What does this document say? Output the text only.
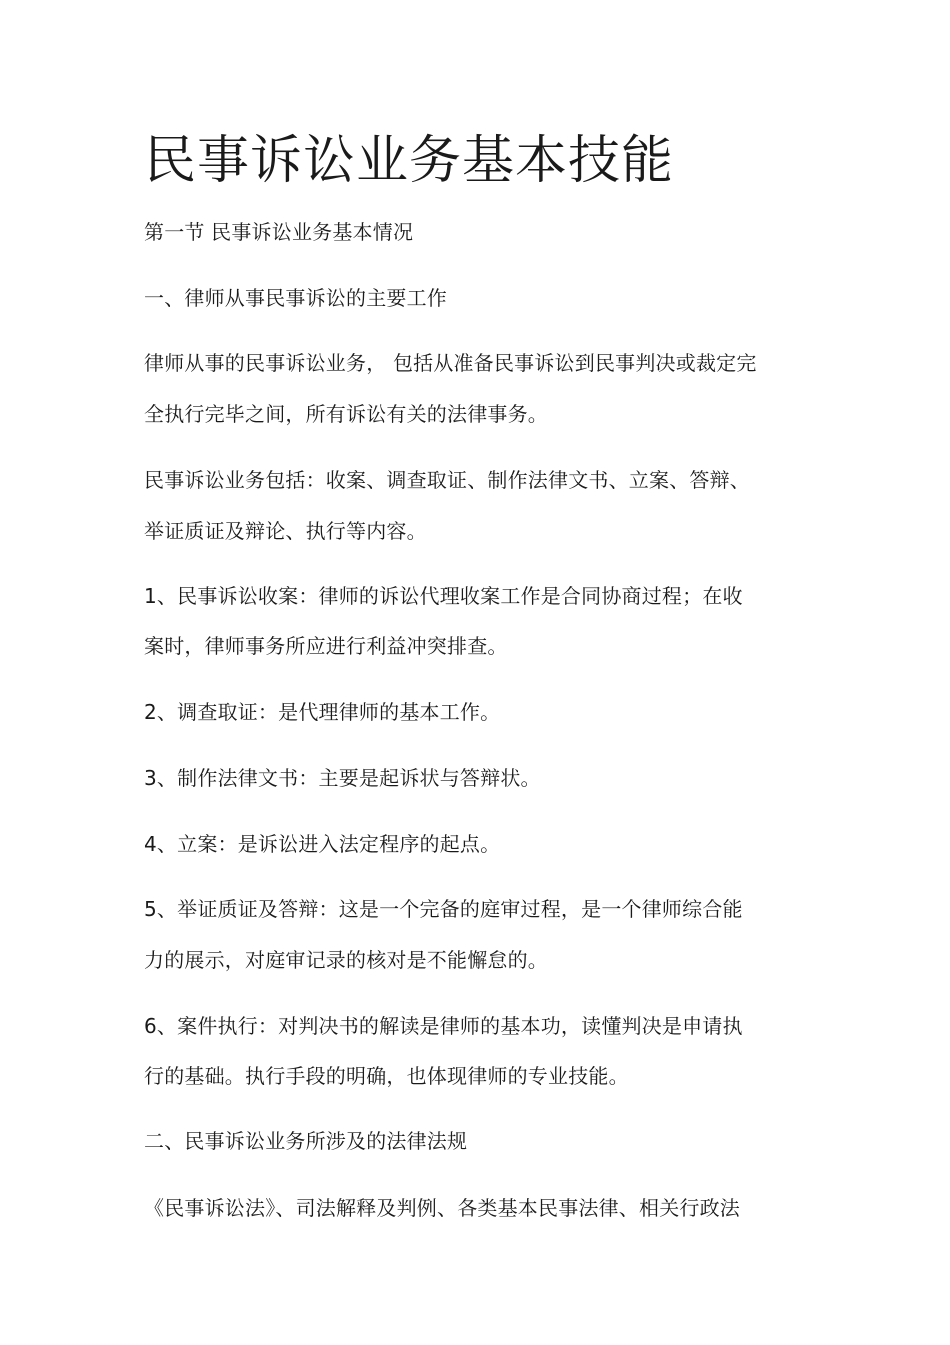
民事诉讼业务基本技能
第一节 民事诉讼业务基本情况
一、律师从事民事诉讼的主要工作
律师从事的民事诉讼业务， 包括从准备民事诉讼到民事判决或裁定完
全执行完毕之间，所有诉讼有关的法律事务。
民事诉讼业务包括：收案、调查取证、制作法律文书、立案、答辩、
举证质证及辩论、执行等内容。
1、民事诉讼收案：律师的诉讼代理收案工作是合同协商过程；在收
案时，律师事务所应进行利益冲突排查。
2、调查取证：是代理律师的基本工作。
3、制作法律文书：主要是起诉状与答辩状。
4、立案：是诉讼进入法定程序的起点。
5、举证质证及答辩：这是一个完备的庭审过程，是一个律师综合能
力的展示，对庭审记录的核对是不能懈怠的。
6、案件执行：对判决书的解读是律师的基本功，读懂判决是申请执
行的基础。执行手段的明确，也体现律师的专业技能。
二、民事诉讼业务所涉及的法律法规
《民事诉讼法》、司法解释及判例、各类基本民事法律、相关行政法
